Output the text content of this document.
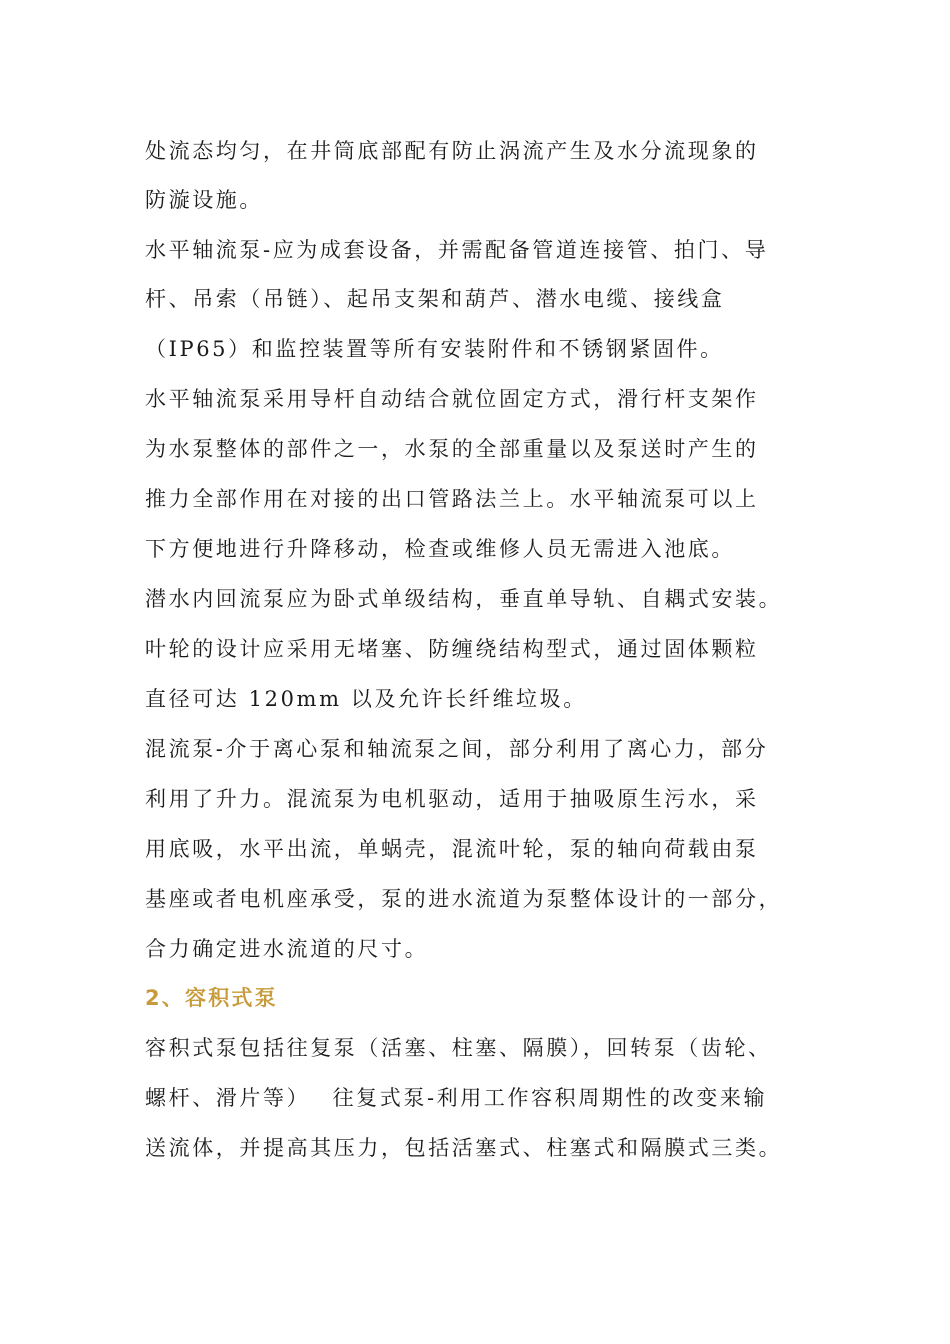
处流态均匀，在井筒底部配有防止涡流产生及水分流现象的
防漩设施。
水平轴流泵-应为成套设备，并需配备管道连接管、拍门、导
杆、吊索（吊链）、起吊支架和葫芦、潜水电缆、接线盒
（IP65）和监控装置等所有安装附件和不锈钢紧固件。
水平轴流泵采用导杆自动结合就位固定方式，滑行杆支架作
为水泵整体的部件之一，水泵的全部重量以及泵送时产生的
推力全部作用在对接的出口管路法兰上。水平轴流泵可以上
下方便地进行升降移动，检查或维修人员无需进入池底。
潜水内回流泵应为卧式单级结构，垂直单导轨、自耦式安装。
叶轮的设计应采用无堵塞、防缠绕结构型式，通过固体颗粒
直径可达 120mm 以及允许长纤维垃圾。
混流泵-介于离心泵和轴流泵之间，部分利用了离心力，部分
利用了升力。混流泵为电机驱动，适用于抽吸原生污水，采
用底吸，水平出流，单蜗壳，混流叶轮，泵的轴向荷载由泵
基座或者电机座承受，泵的进水流道为泵整体设计的一部分，
合力确定进水流道的尺寸。
2、容积式泵
容积式泵包括往复泵（活塞、柱塞、隔膜），回转泵（齿轮、
螺杆、滑片等）　 往复式泵-利用工作容积周期性的改变来输
送流体，并提高其压力，包括活塞式、柱塞式和隔膜式三类。
